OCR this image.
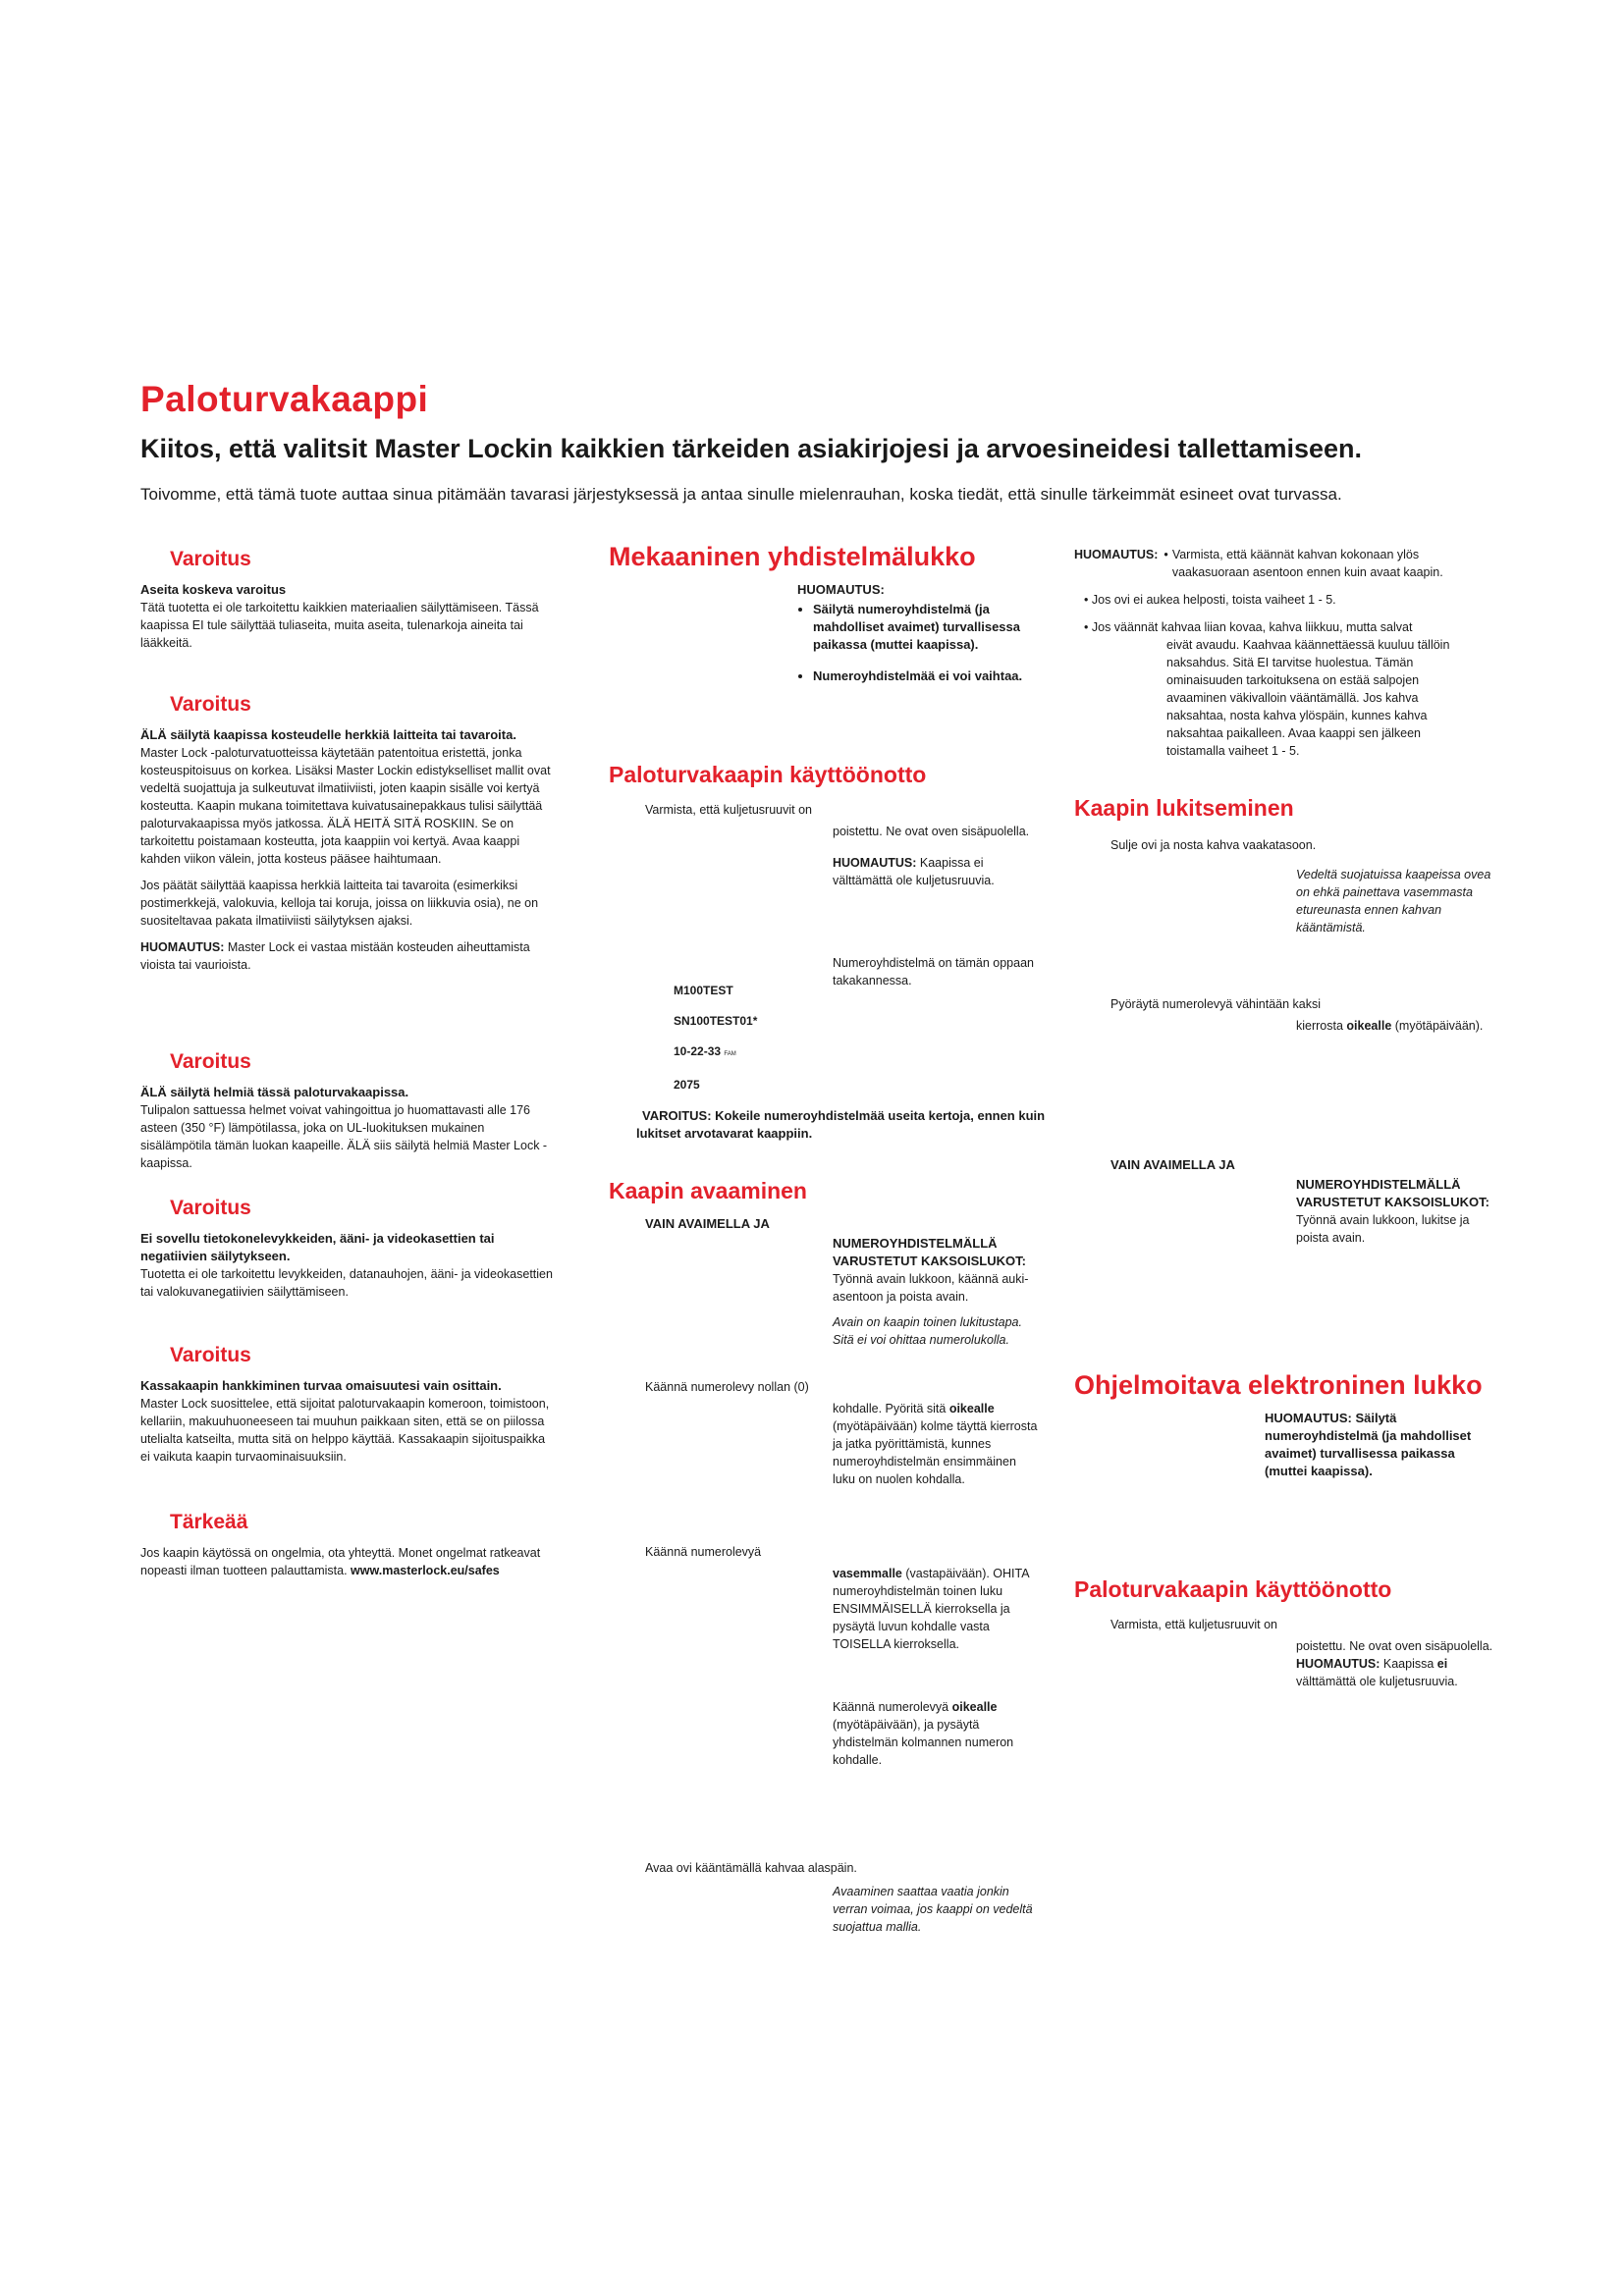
Paloturvakaappi
Kiitos, että valitsit Master Lockin kaikkien tärkeiden asiakirjojesi ja arvoesineidesi tallettamiseen.
Toivomme, että tämä tuote auttaa sinua pitämään tavarasi järjestyksessä ja antaa sinulle mielenrauhan, koska tiedät, että sinulle tärkeimmät esineet ovat turvassa.
Varoitus
Aseita koskeva varoitus
Tätä tuotetta ei ole tarkoitettu kaikkien materiaalien säilyttämiseen. Tässä kaapissa EI tule säilyttää tuliaseita, muita aseita, tulenarkoja aineita tai lääkkeitä.
Varoitus
ÄLÄ säilytä kaapissa kosteudelle herkkiä laitteita tai tavaroita.

Master Lock -paloturvatuotteissa käytetään patentoitua eristettä, jonka kosteuspitoisuus on korkea. Lisäksi Master Lockin edistykselliset mallit ovat vedeltä suojattuja ja sulkeutuvat ilmatiiviisti, joten kaapin sisälle voi kertyä kosteutta. Kaapin mukana toimitettava kuivatusainepakkaus tulisi säilyttää paloturvakaapissa myös jatkossa. ÄLÄ HEITÄ SITÄ ROSKIIN. Se on tarkoitettu poistamaan kosteutta, jota kaappiin voi kertyä. Avaa kaappi kahden viikon välein, jotta kosteus pääsee haihtumaan.

Jos päätät säilyttää kaapissa herkkiä laitteita tai tavaroita (esimerkiksi postimerkkejä, valokuvia, kelloja tai koruja, joissa on liikkuvia osia), ne on suositeltavaa pakata ilmatiiviisti säilytyksen ajaksi.

HUOMAUTUS: Master Lock ei vastaa mistään kosteuden aiheuttamista vioista tai vaurioista.

Varoitus
ÄLÄ säilytä helmiä tässä paloturvakaapissa.
Tulipalon sattuessa helmet voivat vahingoittua jo huomattavasti alle 176 asteen (350 °F) lämpötilassa, joka on UL-luokituksen mukainen sisälämpötila tämän luokan kaapeille. ÄLÄ siis säilytä helmiä Master Lock -kaapissa.
Varoitus
Ei sovellu tietokonelevykkeiden, ääni- ja videokasettien tai negatiivien säilytykseen.
Tuotetta ei ole tarkoitettu levykkeiden, datanauhojen, ääni- ja videokasettien tai valokuvanegatiivien säilyttämiseen.
Varoitus
Kassakaapin hankkiminen turvaa omaisuutesi vain osittain.
Master Lock suosittelee, että sijoitat paloturvakaapin komeroon, toimistoon, kellariin, makuuhuoneeseen tai muuhun paikkaan siten, että se on piilossa utelialta katseilta, mutta sitä on helppo käyttää. Kassakaapin sijoituspaikka ei vaikuta kaapin turvaominaisuuksiin.
Tärkeää
Jos kaapin käytössä on ongelmia, ota yhteyttä. Monet ongelmat ratkeavat nopeasti ilman tuotteen palauttamista. www.masterlock.eu/safes
Mekaaninen yhdistelmälukko
HUOMAUTUS:
• Säilytä numeroyhdistelmä (ja mahdolliset avaimet) turvallisessa paikassa (muttei kaapissa).
• Numeroyhdistelmää ei voi vaihtaa.
Paloturvakaapin käyttöönotto
Varmista, että kuljetusruuvit on
poistettu. Ne ovat oven sisäpuolella.
HUOMAUTUS: Kaapissa ei välttämättä ole kuljetusruuvia.
Numeroyhdistelmä on tämän oppaan takakannessa.
M100TEST
SN100TEST01*
10-22-33 FAM
2075
VAROITUS: Kokeile numeroyhdistelmää useita kertoja, ennen kuin lukitset arvotavarat kaappiin.
Kaapin avaaminen
VAIN AVAIMELLA JA
NUMEROYHDISTELMÄLLÄ VARUSTETUT KAKSOISLUKOT:
Työnnä avain lukkoon, käännä auki-asentoon ja poista avain.
Avain on kaapin toinen lukitustapa. Sitä ei voi ohittaa numerolukolla.
Käännä numerolevy nollan (0)
kohdalle. Pyöritä sitä oikealle (myötäpäivään) kolme täyttä kierrosta ja jatka pyörittämistä, kunnes numeroyhdistelmän ensimmäinen luku on nuolen kohdalla.
Käännä numerolevyä
vasemmalle (vastapäivään). OHITA numeroyhdistelmän toinen luku ENSIMMÄISELLÄ kierroksella ja pysäytä luvun kohdalle vasta TOISELLA kierroksella.
Käännä numerolevyä oikealle (myötäpäivään), ja pysäytä yhdistelmän kolmannen numeron kohdalle.
Avaa ovi kääntämällä kahvaa alaspäin.
Avaaminen saattaa vaatia jonkin verran voimaa, jos kaappi on vedeltä suojattua mallia.
HUOMAUTUS: • Varmista, että käännät kahvan kokonaan ylös vaakasuoraan asentoon ennen kuin avaat kaapin.
• Jos ovi ei aukea helposti, toista vaiheet 1 - 5.
• Jos väännät kahvaa liian kovaa, kahva liikkuu, mutta salvat
eivät avaudu. Kaahvaa käännettäessä kuuluu tällöin naksahdus. Sitä EI tarvitse huolestua. Tämän ominaisuuden tarkoituksena on estää salpojen avaaminen väkivalloin vääntämällä. Jos kahva naksahtaa, nosta kahva ylöspäin, kunnes kahva naksahtaa paikalleen. Avaa kaappi sen jälkeen toistamalla vaiheet 1 - 5.
Kaapin lukitseminen
Sulje ovi ja nosta kahva vaakatasoon.
Vedeltä suojatuissa kaapeissa ovea on ehkä painettava vasemmasta etureunasta ennen kahvan kääntämistä.
Pyöräytä numerolevyä vähintään kaksi
kierrosta oikealle (myötäpäivään).
VAIN AVAIMELLA JA
NUMEROYHDISTELMÄLLÄ VARUSTETUT KAKSOISLUKOT:
Työnnä avain lukkoon, lukitse ja poista avain.
Ohjelmoitava elektroninen lukko
HUOMAUTUS: Säilytä numeroyhdistelmä (ja mahdolliset avaimet) turvallisessa paikassa (muttei kaapissa).
Paloturvakaapin käyttöönotto
Varmista, että kuljetusruuvit on
poistettu. Ne ovat oven sisäpuolella.
HUOMAUTUS: Kaapissa ei välttämättä ole kuljetusruuvia.
